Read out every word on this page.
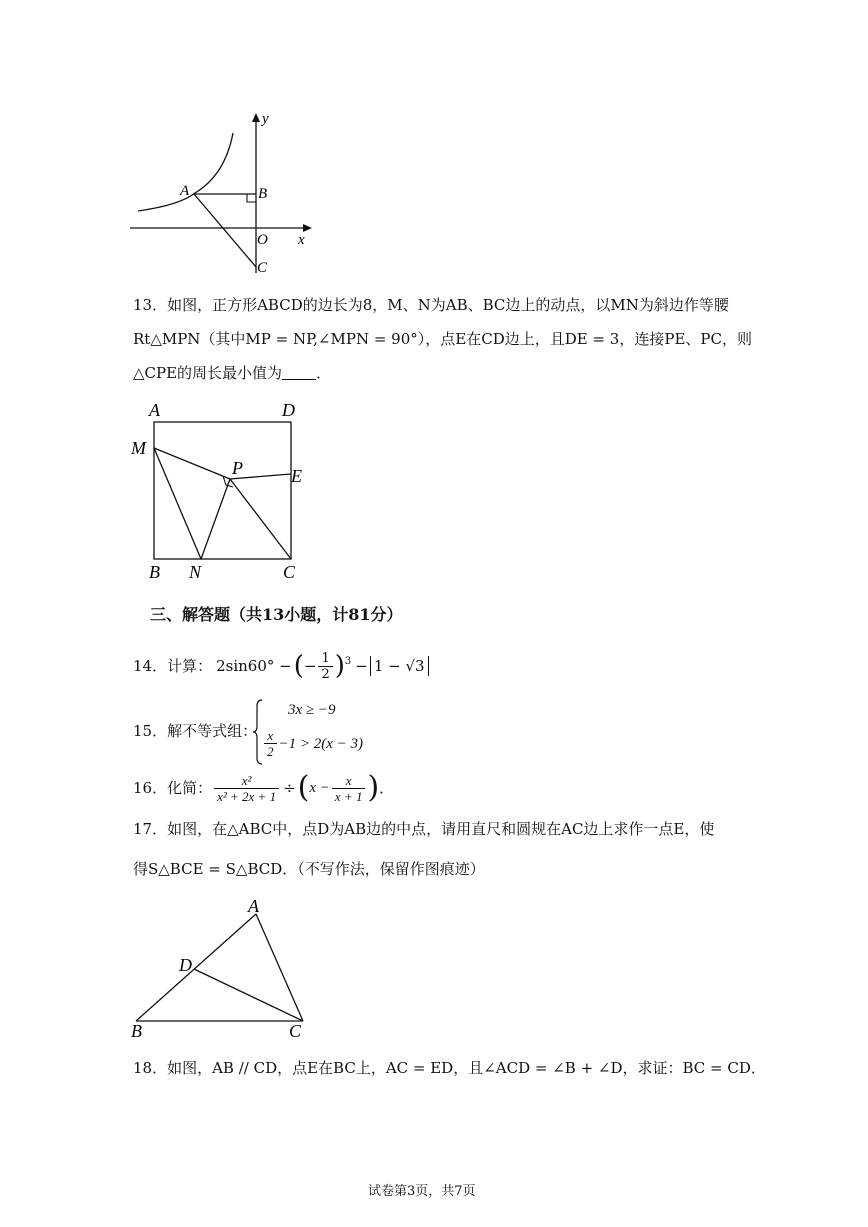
y
x
O
A	B
C
13．如图，正方形ABCD的边长为8，M、N为AB、BC边上的动点，以MN为斜边作等腰
Rt△MPN（其中MP = NP,∠MPN = 90°），点E在CD边上，且DE = 3，连接PE、PC，则
△CPE的周长最小值为 ．
A	D
M
P	E
B N	C
三、解答题（共13小题，计81分）
14．计算： 2sin60° − ( − $\frac{1}{2} )^3 - 1 - √3$
15．解不等式组：
3x ≥ −9
$\frac{x}{2} -1 > 2(x - 3)$
16．化简： $\frac{\text{x²}}{\text{x² + 2x + 1}}$ ÷ ( $x - \frac{x}{x + 1}$ ) ．
17．如图，在△ABC中，点D为AB边的中点，请用直尺和圆规在AC边上求作一点E，使
得S△BCE = S△BCD．（不写作法，保留作图痕迹）
A
D
B	C
18．如图，AB // CD，点E在BC上，AC = ED，且∠ACD = ∠B + ∠D，求证：BC = CD．
试卷第3页，共7页
